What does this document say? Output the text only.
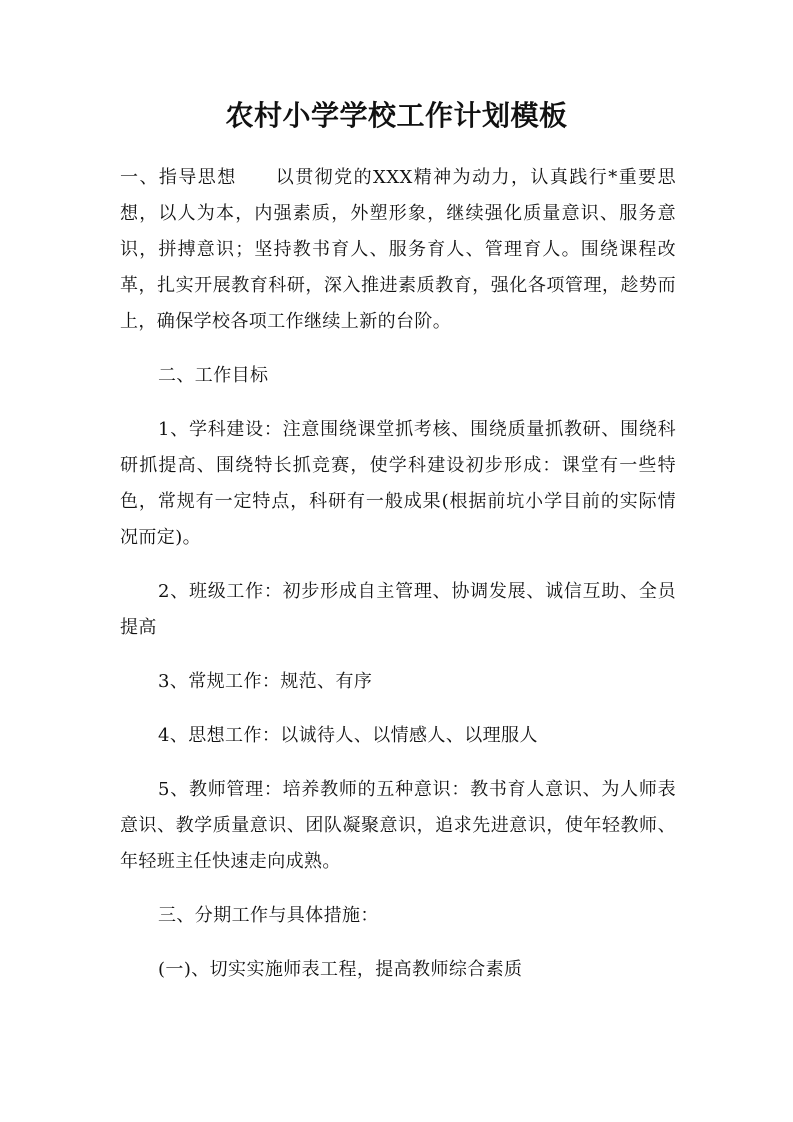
农村小学学校工作计划模板

一、指导思想 以贯彻党的XXX精神为动力，认真践行*重要思想，以人为本，内强素质，外塑形象，继续强化质量意识、服务意识，拼搏意识；坚持教书育人、服务育人、管理育人。围绕课程改革，扎实开展教育科研，深入推进素质教育，强化各项管理，趁势而上，确保学校各项工作继续上新的台阶。

二、工作目标

1、学科建设：注意围绕课堂抓考核、围绕质量抓教研、围绕科研抓提高、围绕特长抓竞赛，使学科建设初步形成：课堂有一些特色，常规有一定特点，科研有一般成果(根据前坑小学目前的实际情况而定)。

2、班级工作：初步形成自主管理、协调发展、诚信互助、全员提高

3、常规工作：规范、有序

4、思想工作：以诚待人、以情感人、以理服人

5、教师管理：培养教师的五种意识：教书育人意识、为人师表意识、教学质量意识、团队凝聚意识，追求先进意识，使年轻教师、年轻班主任快速走向成熟。

三、分期工作与具体措施：

(一)、切实实施师表工程，提高教师综合素质
